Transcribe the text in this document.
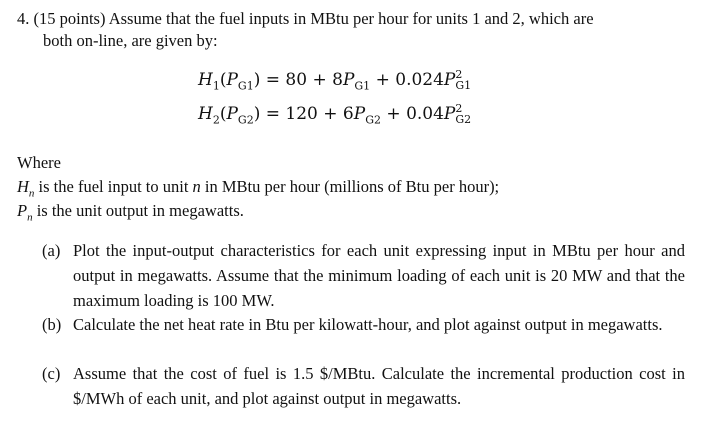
4. (15 points) Assume that the fuel inputs in MBtu per hour for units 1 and 2, which are
both on-line, are given by:
$H_1(P_{G1}) = 80 + 8P_{G1} + 0.024P$ 2
G1
$H_2(P_{G2}) = 120 + 6P_{G2} + 0.04P$ 2
G2
Where
$H_n$ is the fuel input to unit n in MBtu per hour (millions of Btu per hour);
$P_n$ is the unit output in megawatts.
(a) Plot the input-output characteristics for each unit expressing input in MBtu per hour and output in megawatts. Assume that the minimum loading of each unit is 20 MW and that the maximum loading is 100 MW.
(b) Calculate the net heat rate in Btu per kilowatt-hour, and plot against output in megawatts.
(c) Assume that the cost of fuel is 1.5 $/MBtu. Calculate the incremental production cost in $/MWh of each unit, and plot against output in megawatts.
